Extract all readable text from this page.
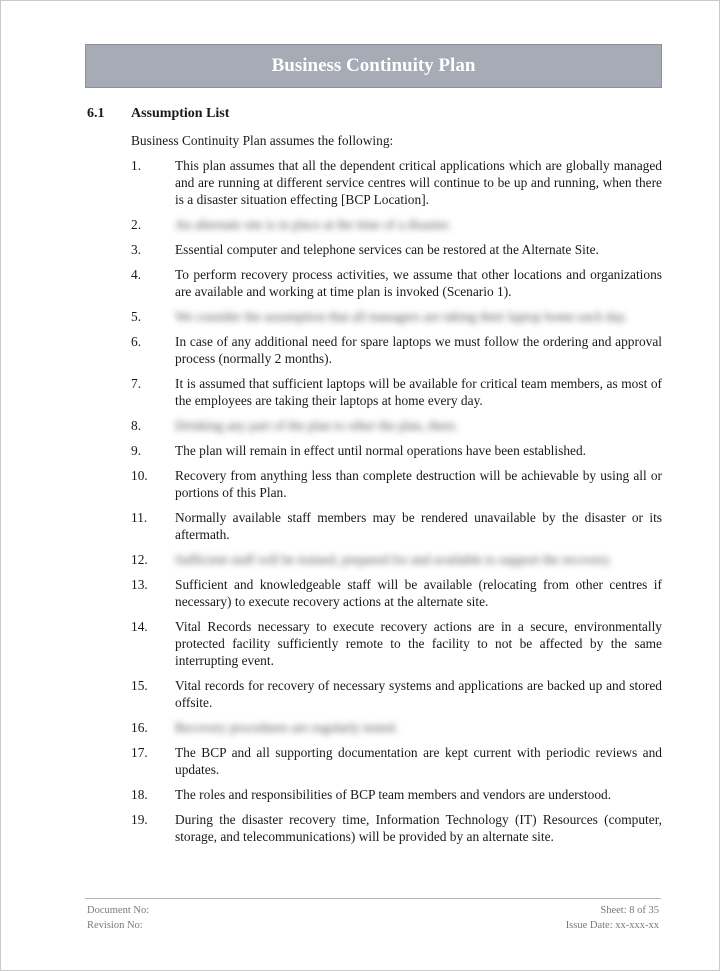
Business Continuity Plan
6.1 Assumption List
Business Continuity Plan assumes the following:
1.	This plan assumes that all the dependent critical applications which are globally managed and are running at different service centres will continue to be up and running, when there is a disaster situation effecting [BCP Location].
2.	An alternate site is in place at the time of a disaster.
3.	Essential computer and telephone services can be restored at the Alternate Site.
4.	To perform recovery process activities, we assume that other locations and organizations are available and working at time plan is invoked (Scenario 1).
5.	We consider the assumption that all managers are taking their laptop home each day.
6.	In case of any additional need for spare laptops we must follow the ordering and approval process (normally 2 months).
7.	It is assumed that sufficient laptops will be available for critical team members, as most of the employees are taking their laptops at home every day.
8.	Drinking any part of the plan to other the plan, there.
9.	The plan will remain in effect until normal operations have been established.
10.	Recovery from anything less than complete destruction will be achievable by using all or portions of this Plan.
11.	Normally available staff members may be rendered unavailable by the disaster or its aftermath.
12.	Sufficient staff will be trained, prepared for and available to support the recovery.
13.	Sufficient and knowledgeable staff will be available (relocating from other centres if necessary) to execute recovery actions at the alternate site.
14.	Vital Records necessary to execute recovery actions are in a secure, environmentally protected facility sufficiently remote to the facility to not be affected by the same interrupting event.
15.	Vital records for recovery of necessary systems and applications are backed up and stored offsite.
16.	Recovery procedures are regularly tested.
17.	The BCP and all supporting documentation are kept current with periodic reviews and updates.
18.	The roles and responsibilities of BCP team members and vendors are understood.
19.	During the disaster recovery time, Information Technology (IT) Resources (computer, storage, and telecommunications) will be provided by an alternate site.
Document No:
Revision No:
Sheet: 8 of 35
Issue Date: xx-xxx-xx
